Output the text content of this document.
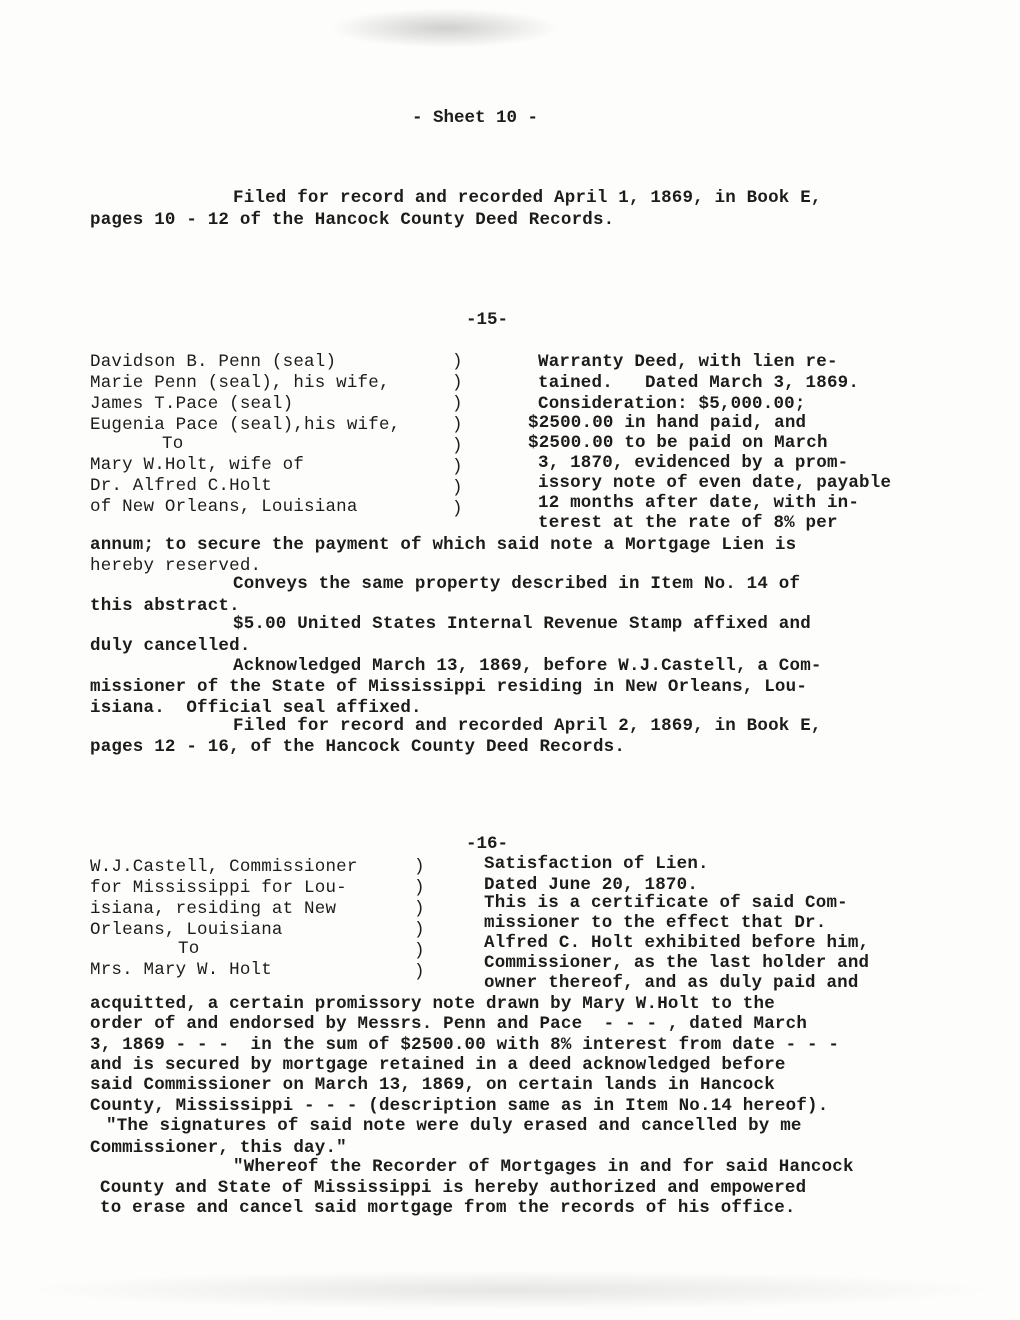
- Sheet 10 -
Filed for record and recorded April 1, 1869, in Book E,
pages 10 - 12 of the Hancock County Deed Records.
-15-
Davidson B. Penn (seal)
Marie Penn (seal), his wife,
James T.Pace (seal)
Eugenia Pace (seal),his wife,
To
Mary W.Holt, wife of
Dr. Alfred C.Holt
of New Orleans, Louisiana
)
)
)
)
)
)
)
)
Warranty Deed, with lien re-
tained.   Dated March 3, 1869.
Consideration: $5,000.00;
$2500.00 in hand paid, and
$2500.00 to be paid on March
3, 1870, evidenced by a prom-
issory note of even date, payable
12 months after date, with in-
terest at the rate of 8% per
annum; to secure the payment of which said note a Mortgage Lien is
hereby reserved.
Conveys the same property described in Item No. 14 of
this abstract.
$5.00 United States Internal Revenue Stamp affixed and
duly cancelled.
Acknowledged March 13, 1869, before W.J.Castell, a Com-
missioner of the State of Mississippi residing in New Orleans, Lou-
isiana.  Official seal affixed.
Filed for record and recorded April 2, 1869, in Book E,
pages 12 - 16, of the Hancock County Deed Records.
-16-
W.J.Castell, Commissioner
for Mississippi for Lou-
isiana, residing at New
Orleans, Louisiana
To
Mrs. Mary W. Holt
)
)
)
)
)
)
Satisfaction of Lien.
Dated June 20, 1870.
This is a certificate of said Com-
missioner to the effect that Dr.
Alfred C. Holt exhibited before him,
Commissioner, as the last holder and
owner thereof, and as duly paid and
acquitted, a certain promissory note drawn by Mary W.Holt to the
order of and endorsed by Messrs. Penn and Pace  - - - , dated March
3, 1869 - - -  in the sum of $2500.00 with 8% interest from date - - -
and is secured by mortgage retained in a deed acknowledged before
said Commissioner on March 13, 1869, on certain lands in Hancock
County, Mississippi - - - (description same as in Item No.14 hereof).
"The signatures of said note were duly erased and cancelled by me
Commissioner, this day."
"Whereof the Recorder of Mortgages in and for said Hancock
County and State of Mississippi is hereby authorized and empowered
to erase and cancel said mortgage from the records of his office.
